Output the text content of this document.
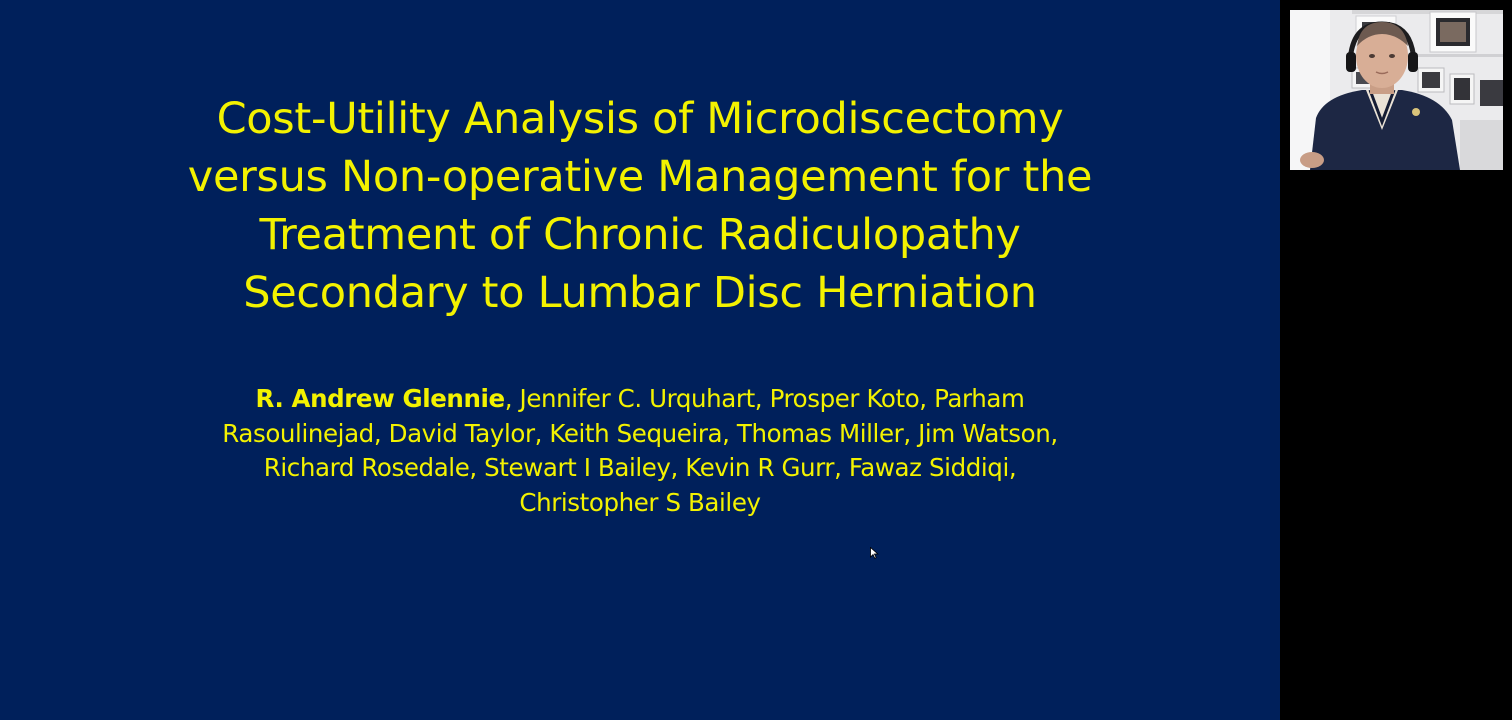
Cost-Utility Analysis of Microdiscectomy
versus Non-operative Management for the
Treatment of Chronic Radiculopathy
Secondary to Lumbar Disc Herniation
R. Andrew Glennie, Jennifer C. Urquhart, Prosper Koto, Parham
Rasoulinejad, David Taylor, Keith Sequeira, Thomas Miller, Jim Watson,
Richard Rosedale, Stewart I Bailey, Kevin R Gurr, Fawaz Siddiqi,
Christopher S Bailey
